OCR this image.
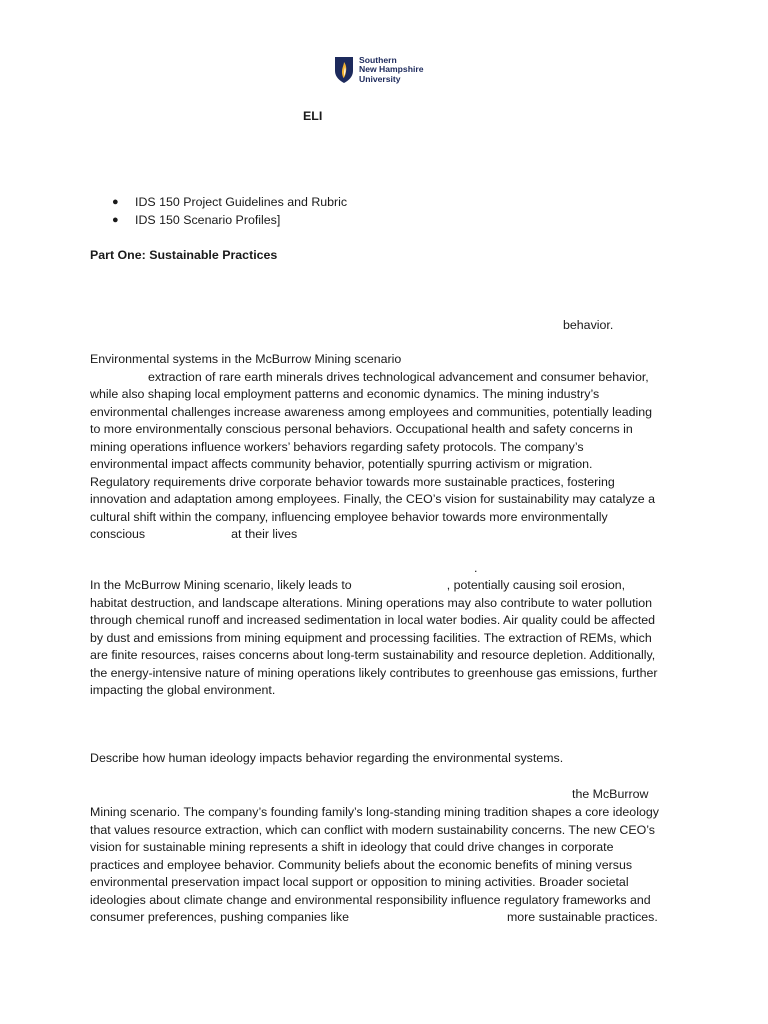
Southern
New Hampshire
University
ELI
●	IDS 150 Project Guidelines and Rubric
●	IDS 150 Scenario Profiles]
Part One: Sustainable Practices
behavior.
Environmental systems in the McBurrow Mining scenario
extraction of rare earth minerals drives technological advancement and consumer behavior,
while also shaping local employment patterns and economic dynamics. The mining industry’s
environmental challenges increase awareness among employees and communities, potentially leading
to more environmentally conscious personal behaviors. Occupational health and safety concerns in
mining operations influence workers’ behaviors regarding safety protocols. The company’s
environmental impact affects community behavior, potentially spurring activism or migration.
Regulatory requirements drive corporate behavior towards more sustainable practices, fostering
innovation and adaptation among employees. Finally, the CEO’s vision for sustainability may catalyze a
cultural shift within the company, influencing employee behavior towards more environmentally
conscious	at their lives
.
In the McBurrow Mining scenario, likely leads to	, potentially causing soil erosion,
habitat destruction, and landscape alterations. Mining operations may also contribute to water pollution
through chemical runoff and increased sedimentation in local water bodies. Air quality could be affected
by dust and emissions from mining equipment and processing facilities. The extraction of REMs, which
are finite resources, raises concerns about long-term sustainability and resource depletion. Additionally,
the energy-intensive nature of mining operations likely contributes to greenhouse gas emissions, further
impacting the global environment.
Describe how human ideology impacts behavior regarding the environmental systems.
the McBurrow
Mining scenario. The company’s founding family’s long-standing mining tradition shapes a core ideology
that values resource extraction, which can conflict with modern sustainability concerns. The new CEO’s
vision for sustainable mining represents a shift in ideology that could drive changes in corporate
practices and employee behavior. Community beliefs about the economic benefits of mining versus
environmental preservation impact local support or opposition to mining activities. Broader societal
ideologies about climate change and environmental responsibility influence regulatory frameworks and
consumer preferences, pushing companies like	more sustainable practices.
